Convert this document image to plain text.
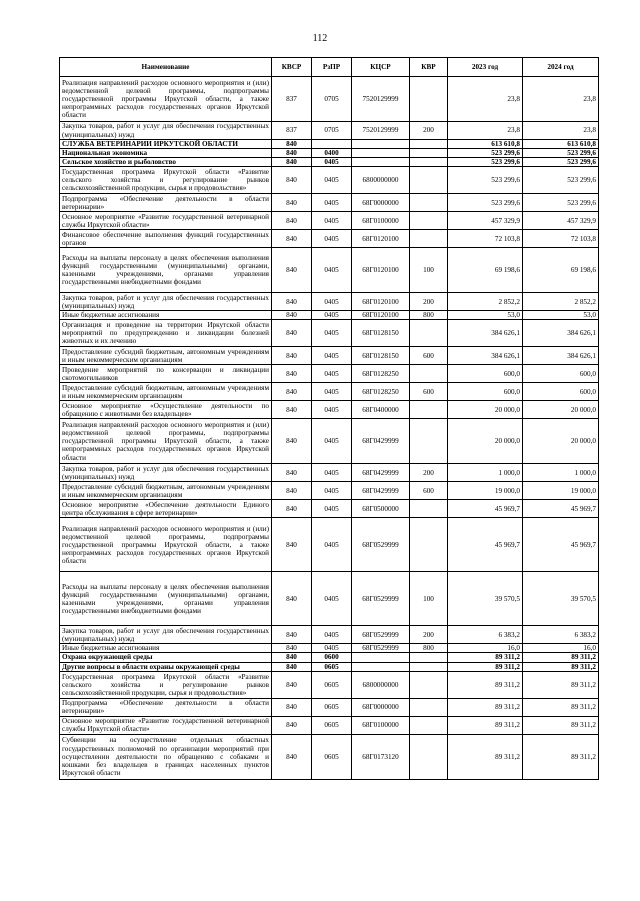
112
Наименование	КВСР	РзПР	КЦСР	КВР	2023 год	2024 год
Реализация направлений расходов основного мероприятия и (или) ведомственной целевой программы, подпрограммы государственной программы Иркутской области, а также непрограммных расходов государственных органов Иркутской области	837	0705	7520129999		23,8	23,8
Закупка товаров, работ и услуг для обеспечения государственных (муниципальных) нужд	837	0705	7520129999	200	23,8	23,8
СЛУЖБА ВЕТЕРИНАРИИ ИРКУТСКОЙ ОБЛАСТИ	840				613 610,8	613 610,8
Национальная экономика	840	0400			523 299,6	523 299,6
Сельское хозяйство и рыболовство	840	0405			523 299,6	523 299,6
Государственная программа Иркутской области «Развитие сельского хозяйства и регулирование рынков сельскохозяйственной продукции, сырья и продовольствия»	840	0405	6800000000		523 299,6	523 299,6
Подпрограмма «Обеспечение деятельности в области ветеринарии»	840	0405	68Г0000000		523 299,6	523 299,6
Основное мероприятие «Развитие государственной ветеринарной службы Иркутской области»	840	0405	68Г0100000		457 329,9	457 329,9
Финансовое обеспечение выполнения функций государственных органов	840	0405	68Г0120100		72 103,8	72 103,8
Расходы на выплаты персоналу в целях обеспечения выполнения функций государственными (муниципальными) органами, казенными учреждениями, органами управления государственными внебюджетными фондами	840	0405	68Г0120100	100	69 198,6	69 198,6
Закупка товаров, работ и услуг для обеспечения государственных (муниципальных) нужд	840	0405	68Г0120100	200	2 852,2	2 852,2
Иные бюджетные ассигнования	840	0405	68Г0120100	800	53,0	53,0
Организация и проведение на территории Иркутской области мероприятий по предупреждению и ликвидации болезней животных и их лечению	840	0405	68Г0128150		384 626,1	384 626,1
Предоставление субсидий бюджетным, автономным учреждениям и иным некоммерческим организациям	840	0405	68Г0128150	600	384 626,1	384 626,1
Проведение мероприятий по консервации и ликвидации скотомогильников	840	0405	68Г0128250		600,0	600,0
Предоставление субсидий бюджетным, автономным учреждениям и иным некоммерческим организациям	840	0405	68Г0128250	600	600,0	600,0
Основное мероприятие «Осуществление деятельности по обращению с животными без владельцев»	840	0405	68Г0400000		20 000,0	20 000,0
Реализация направлений расходов основного мероприятия и (или) ведомственной целевой программы, подпрограммы государственной программы Иркутской области, а также непрограммных расходов государственных органов Иркутской области	840	0405	68Г0429999		20 000,0	20 000,0
Закупка товаров, работ и услуг для обеспечения государственных (муниципальных) нужд	840	0405	68Г0429999	200	1 000,0	1 000,0
Предоставление субсидий бюджетным, автономным учреждениям и иным некоммерческим организациям	840	0405	68Г0429999	600	19 000,0	19 000,0
Основное мероприятие «Обеспечение деятельности Единого центра обслуживания в сфере ветеринарии»	840	0405	68Г0500000		45 969,7	45 969,7
Реализация направлений расходов основного мероприятия и (или) ведомственной целевой программы, подпрограммы государственной программы Иркутской области, а также непрограммных расходов государственных органов Иркутской области	840	0405	68Г0529999		45 969,7	45 969,7
Расходы на выплаты персоналу в целях обеспечения выполнения функций государственными (муниципальными) органами, казенными учреждениями, органами управления государственными внебюджетными фондами	840	0405	68Г0529999	100	39 570,5	39 570,5
Закупка товаров, работ и услуг для обеспечения государственных (муниципальных) нужд	840	0405	68Г0529999	200	6 383,2	6 383,2
Иные бюджетные ассигнования	840	0405	68Г0529999	800	16,0	16,0
Охрана окружающей среды	840	0600			89 311,2	89 311,2
Другие вопросы в области охраны окружающей среды	840	0605			89 311,2	89 311,2
Государственная программа Иркутской области «Развитие сельского хозяйства и регулирование рынков сельскохозяйственной продукции, сырья и продовольствия»	840	0605	6800000000		89 311,2	89 311,2
Подпрограмма «Обеспечение деятельности в области ветеринарии»	840	0605	68Г0000000		89 311,2	89 311,2
Основное мероприятие «Развитие государственной ветеринарной службы Иркутской области»	840	0605	68Г0100000		89 311,2	89 311,2
Субвенции на осуществление отдельных областных государственных полномочий по организации мероприятий при осуществлении деятельности по обращению с собаками и кошками без владельцев в границах населенных пунктов Иркутской области	840	0605	68Г0173120		89 311,2	89 311,2
